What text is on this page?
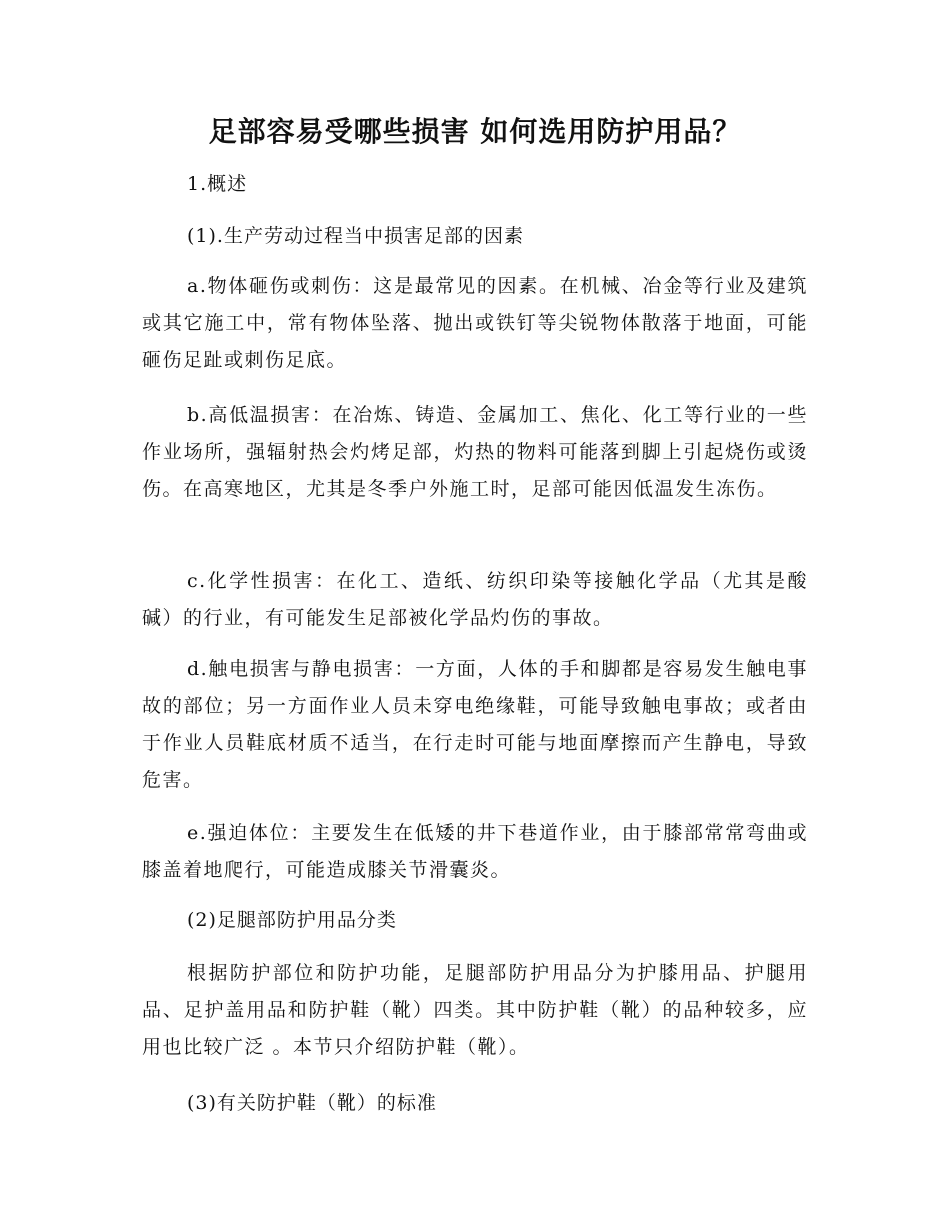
足部容易受哪些损害 如何选用防护用品？
1.概述
(1).生产劳动过程当中损害足部的因素
a.物体砸伤或刺伤：这是最常见的因素。在机械、冶金等行业及建筑或其它施工中，常有物体坠落、抛出或铁钉等尖锐物体散落于地面，可能砸伤足趾或刺伤足底。
b.高低温损害：在冶炼、铸造、金属加工、焦化、化工等行业的一些作业场所，强辐射热会灼烤足部，灼热的物料可能落到脚上引起烧伤或烫伤。在高寒地区，尤其是冬季户外施工时，足部可能因低温发生冻伤。
c.化学性损害：在化工、造纸、纺织印染等接触化学品（尤其是酸碱）的行业，有可能发生足部被化学品灼伤的事故。
d.触电损害与静电损害：一方面，人体的手和脚都是容易发生触电事故的部位；另一方面作业人员未穿电绝缘鞋，可能导致触电事故；或者由于作业人员鞋底材质不适当，在行走时可能与地面摩擦而产生静电，导致危害。
e.强迫体位：主要发生在低矮的井下巷道作业，由于膝部常常弯曲或膝盖着地爬行，可能造成膝关节滑囊炎。
(2)足腿部防护用品分类
根据防护部位和防护功能，足腿部防护用品分为护膝用品、护腿用品、足护盖用品和防护鞋（靴）四类。其中防护鞋（靴）的品种较多，应用也比较广泛 。本节只介绍防护鞋（靴）。
(3)有关防护鞋（靴）的标准
